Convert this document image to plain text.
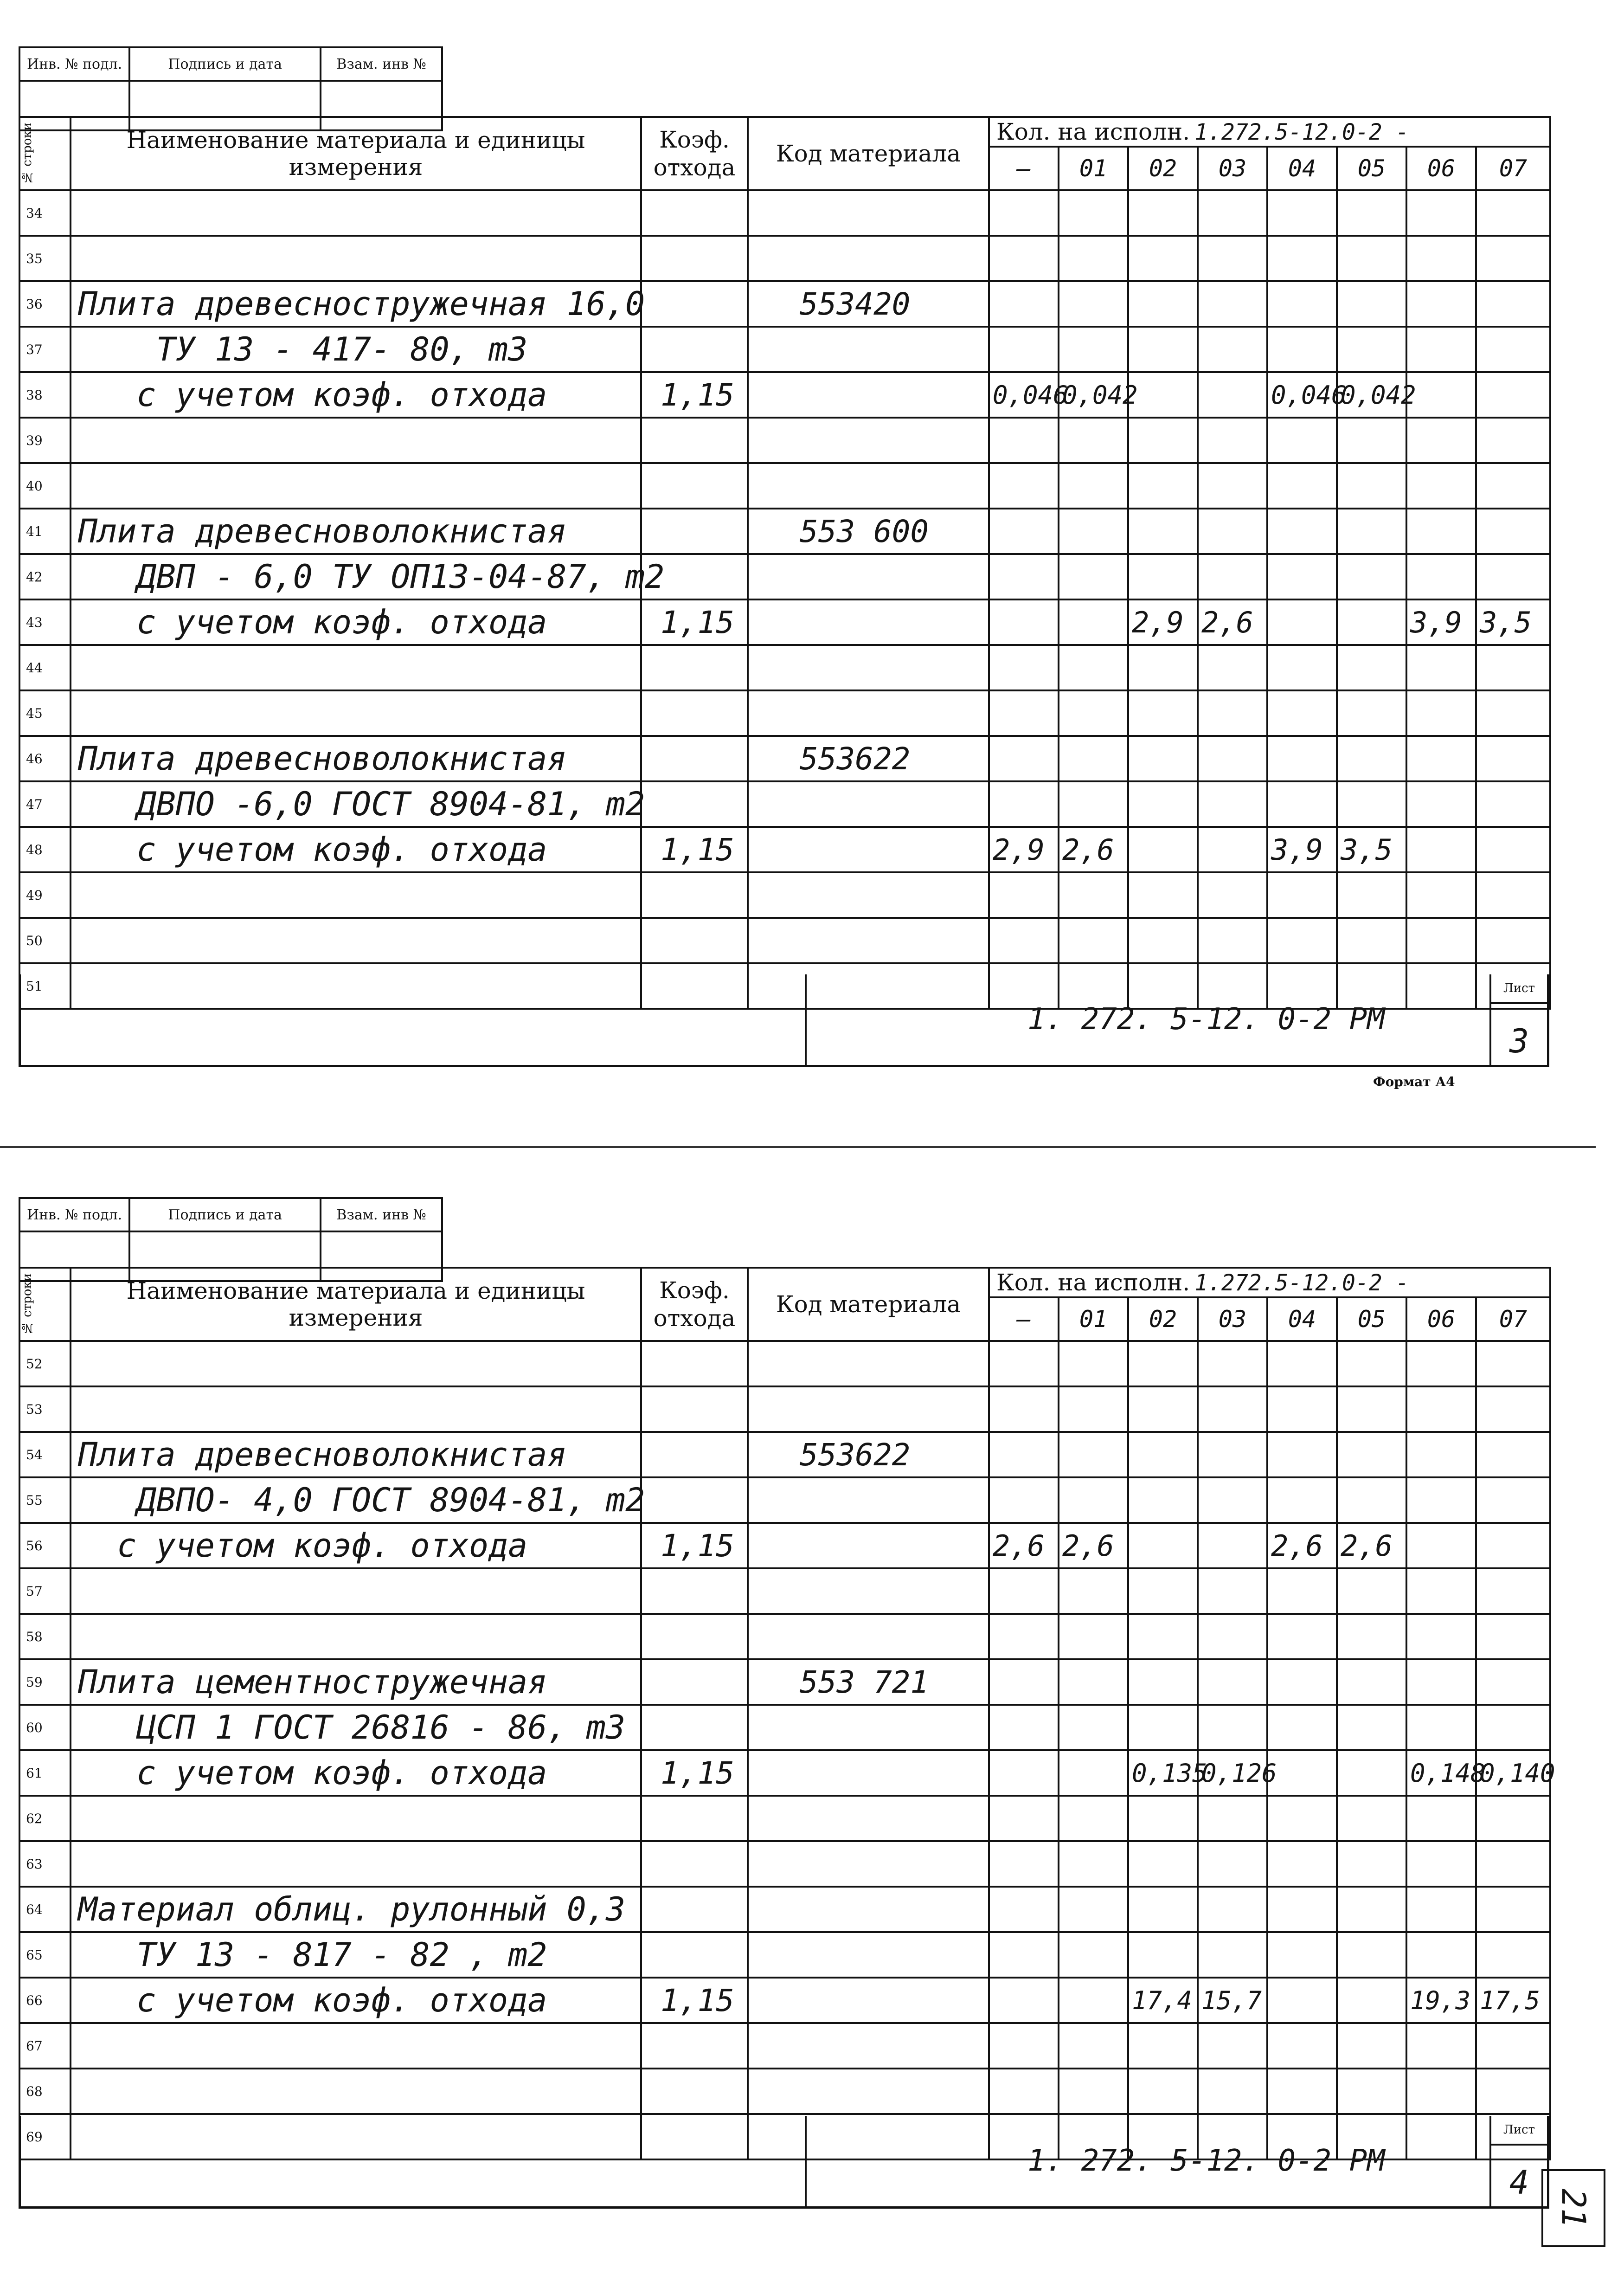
Инв. № подл.	Подпись и дата	Взам. инв №

№ строки	Наименование материала и единицы измерения	Коэф. отхода	Код материала	Кол. на исполн. 1.272.5-12.0-2 -							
				–	01	02	03	04	05	06	07
34											
35											
36	Плита древесностружечная 16,0		553420								
37	ТУ 13 - 417- 80, m3										
38	с учетом коэф. отхода	1,15		0,046	0,042			0,046	0,042		
39											
40											
41	Плита древесноволокнистая		553 600								
42	ДВП - 6,0 ТУ ОП13-04-87, m2										
43	с учетом коэф. отхода	1,15				2,9	2,6			3,9	3,5
44											
45											
46	Плита древесноволокнистая		553622								
47	ДВПО -6,0 ГОСТ 8904-81, m2										
48	с учетом коэф. отхода	1,15		2,9	2,6			3,9	3,5		
49											
50											
51											
1. 272. 5-12. 0-2 РМ
Лист
3
Формат А4
Инв. № подл.	Подпись и дата	Взам. инв №

№ строки	Наименование материала и единицы измерения	Коэф. отхода	Код материала	Кол. на исполн. 1.272.5-12.0-2 -							
				–	01	02	03	04	05	06	07
52											
53											
54	Плита древесноволокнистая		553622								
55	ДВПО- 4,0 ГОСТ 8904-81, m2										
56	с учетом коэф. отхода	1,15		2,6	2,6			2,6	2,6		
57											
58											
59	Плита цементностружечная		553 721								
60	ЦСП 1 ГОСТ 26816 - 86, m3										
61	с учетом коэф. отхода	1,15				0,135	0,126			0,148	0,140
62											
63											
64	Материал облиц. рулонный 0,3										
65	ТУ 13 - 817 - 82 , m2										
66	с учетом коэф. отхода	1,15				17,4	15,7			19,3	17,5
67											
68											
69											
1. 272. 5-12. 0-2 РМ
Лист
4
21
